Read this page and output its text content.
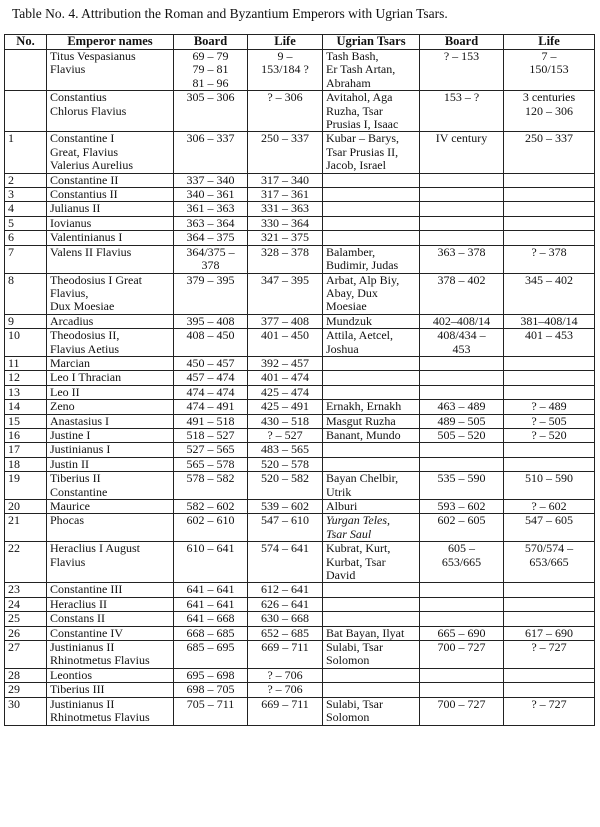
Table No. 4. Attribution the Roman and Byzantium Emperors with Ugrian Tsars.
No.	Emperor names	Board	Life	Ugrian Tsars	Board	Life
	Titus Vespasianus
Flavius	69 – 79
79 – 81
81 – 96	9 –
153/184 ?	Tash Bash,
Er Tash Artan,
Abraham	? – 153	7 –
150/153
	Constantius
Chlorus Flavius	305 – 306	? – 306	Avitahol, Aga
Ruzha, Tsar
Prusias I, Isaac	153 – ?	3 centuries
120 – 306
1	Constantine I
Great, Flavius
Valerius Aurelius	306 – 337	250 – 337	Kubar – Barys,
Tsar Prusias II,
Jacob, Israel	IV century	250 – 337
2	Constantine II	337 – 340	317 – 340			
3	Constantius II	340 – 361	317 – 361			
4	Julianus II	361 – 363	331 – 363			
5	Iovianus	363 – 364	330 – 364			
6	Valentinianus I	364 – 375	321 – 375			
7	Valens II Flavius	364/375 –
378	328 – 378	Balamber,
Budimir, Judas	363 – 378	? – 378
8	Theodosius I Great
Flavius,
Dux Moesiae	379 – 395	347 – 395	Arbat, Alp Biy,
Abay, Dux
Moesiae	378 – 402	345 – 402
9	Arcadius	395 – 408	377 – 408	Mundzuk	402–408/14	381–408/14
10	Theodosius II,
Flavius Aetius	408 – 450	401 – 450	Attila, Aetcel,
Joshua	408/434 –
453	401 – 453
11	Marcian	450 – 457	392 – 457			
12	Leo I Thracian	457 – 474	401 – 474			
13	Leo II	474 – 474	425 – 474			
14	Zeno	474 – 491	425 – 491	Ernakh, Ernakh	463 – 489	? – 489
15	Anastasius I	491 – 518	430 – 518	Masgut Ruzha	489 – 505	? – 505
16	Justine I	518 – 527	? – 527	Banant, Mundo	505 – 520	? – 520
17	Justinianus I	527 – 565	483 – 565			
18	Justin II	565 – 578	520 – 578			
19	Tiberius II
Constantine	578 – 582	520 – 582	Bayan Chelbir,
Utrik	535 – 590	510 – 590
20	Maurice	582 – 602	539 – 602	Alburi	593 – 602	? – 602
21	Phocas	602 – 610	547 – 610	Yurgan Teles,
Tsar Saul	602 – 605	547 – 605
22	Heraclius I August
Flavius	610 – 641	574 – 641	Kubrat, Kurt,
Kurbat, Tsar
David	605 –
653/665	570/574 –
653/665
23	Constantine III	641 – 641	612 – 641			
24	Heraclius II	641 – 641	626 – 641			
25	Constans II	641 – 668	630 – 668			
26	Constantine IV	668 – 685	652 – 685	Bat Bayan, Ilyat	665 – 690	617 – 690
27	Justinianus II
Rhinotmetus Flavius	685 – 695	669 – 711	Sulabi, Tsar
Solomon	700 – 727	? – 727
28	Leontios	695 – 698	? – 706			
29	Tiberius III	698 – 705	? – 706			
30	Justinianus II
Rhinotmetus Flavius	705 – 711	669 – 711	Sulabi, Tsar
Solomon	700 – 727	? – 727
